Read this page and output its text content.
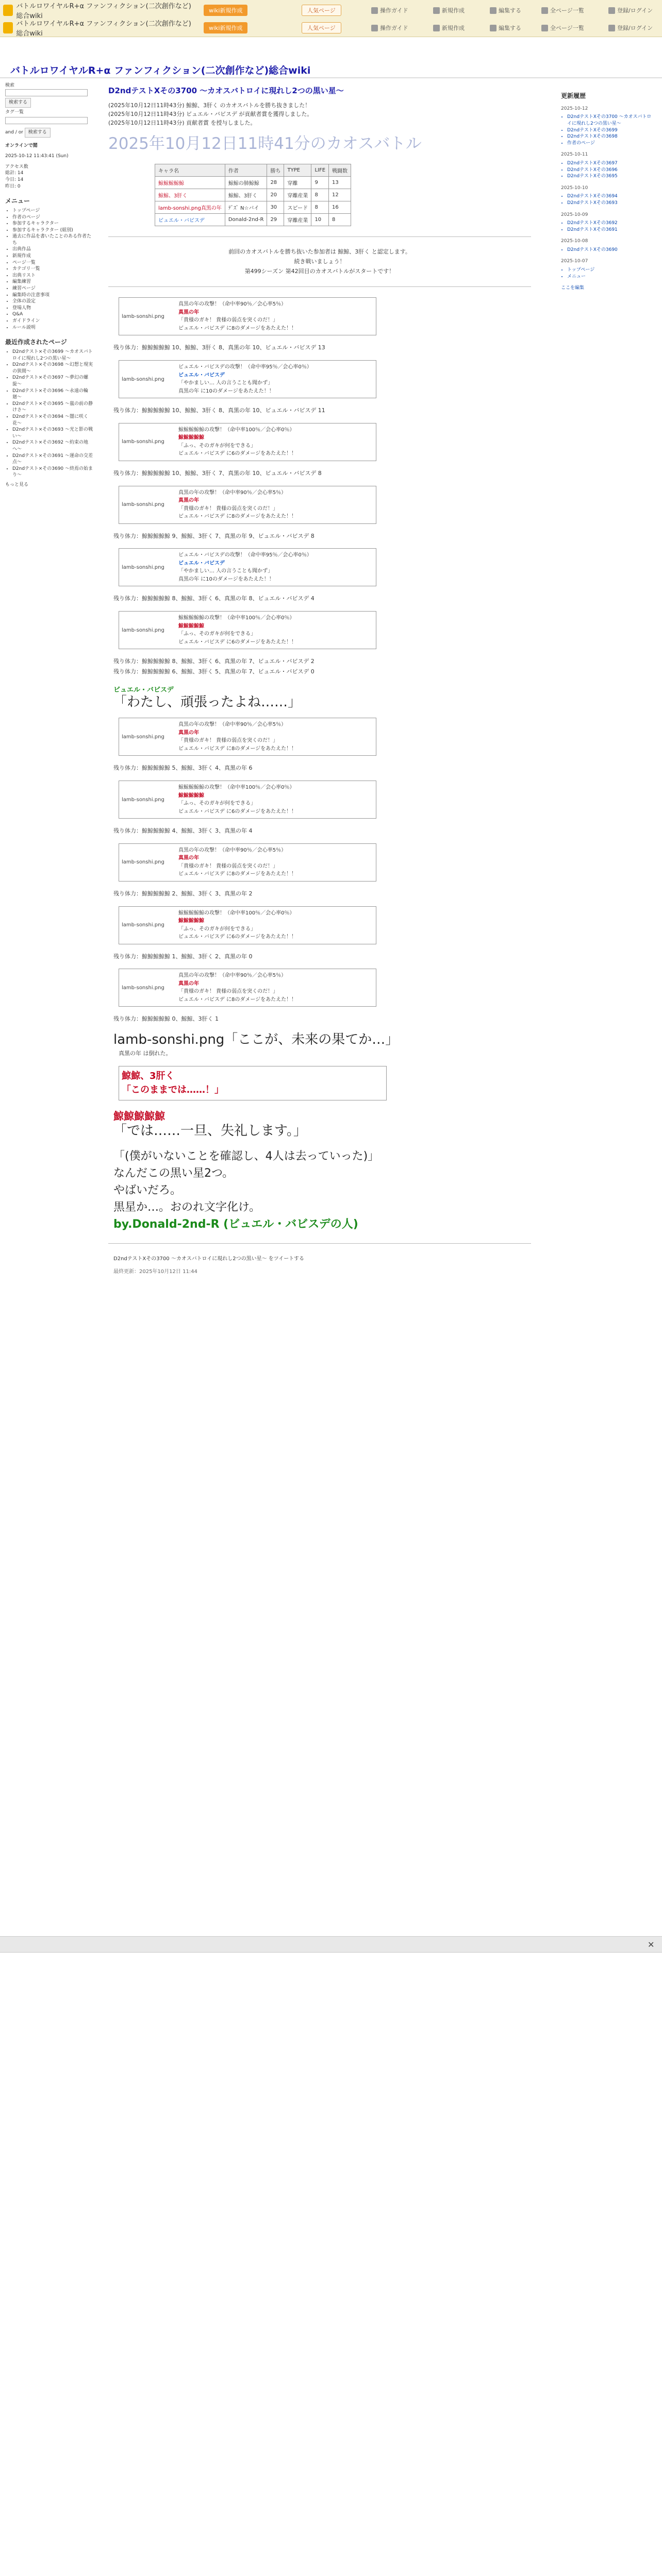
バトルロワイヤルR+α ファンフィクション(二次創作など)総合wiki
wiki新規作成	人気ページ	操作ガイド	新規作成	編集する	全ページ一覧	登録/ログイン
バトルロワイヤルR+α ファンフィクション(二次創作など)総合wiki
wiki新規作成	人気ページ	操作ガイド	新規作成	編集する	全ページ一覧	登録/ログイン
バトルロワイヤルR+α ファンフィクション(二次創作など)総合wiki
検索
検索する
タグ一覧
and / or 検索する
オンラインで閲
2025-10-12 11:43:41 (Sun)
アクセス数
総計: 14
今日: 14
昨日: 0
メニュー
• トップページ
• 作者のページ
• 参加するキャラクター
• 参加するキャラクター (組別)
• 過去に作品を書いたことのある作者たち
• 出典作品
• 新規作成
• ページ一覧
• カテゴリ一覧
• 出典リスト
• 編集練習
• 練習ページ
• 編集時の注意事項
• 全体の設定
• 登場人物
• Q&A
• ガイドライン
• ルール説明
最近作成されたページ
• D2ndテスト×その3699 〜カオスバトロイに現れし2つの黒い星〜
• D2ndテスト×その3698 〜幻想と現実の狭間〜
• D2ndテスト×その3697 〜夢幻の螺旋〜
• D2ndテスト×その3696 〜永遠の輪廻〜
• D2ndテスト×その3695 〜嵐の前の静けさ〜
• D2ndテスト×その3694 〜闇に咲く花〜
• D2ndテスト×その3693 〜光と影の戦い〜
• D2ndテスト×その3692 〜約束の地へ〜
• D2ndテスト×その3691 〜運命の交差点〜
• D2ndテスト×その3690 〜終焉の始まり〜
もっと見る
D2ndテストXその3700 〜カオスバトロイに現れし2つの黒い星〜
(2025年10月12日11時43分) 鯨鯨、3肝く のカオスバトルを勝ち抜きました！
(2025年10月12日11時43分) ビュエル・バビスデ が貢献者賞を獲得しました。
(2025年10月12日11時43分) 貢献者賞 を授与しました。
2025年10月12日11時41分のカオスバトル
キャラ名	作者	勝ち	TYPE	LIFE	戦闘数
鯨鯨鯨鯨鯨	鯨鯨の肺鯨鯨	28	穿離	9	13
鯨鯨、3肝く	鯨鯨、3肝く	20	穿離産業	8	12
lamb-sonshi.png真黒の年	ﾃﾞｽﾞ N☆バイ	30	スピード	8	16
ビュエル・バビスデ	Donald-2nd-R	29	穿離産業	10	8
前回のカオスバトルを勝ち抜いた参加者は 鯨鯨、3肝く と認定します。
続き戦いましょう！
第499シーズン 第42回目のカオスバトルがスタートです！
lamb-sonshi.png
真黒の年の攻撃！（命中率90％／会心率5％）
真黒の年
「貴様のガキ！ 貴様の弱点を突くのだ！」
ビュエル・バビスデ に8のダメージをあたえた！！
残り体力：鯨鯨鯨鯨鯨 10、鯨鯨、3肝く 8、真黒の年 10、ビュエル・バビスデ 13
lamb-sonshi.png
ビュエル・バビスデの攻撃！（命中率95％／会心率0％）
ビュエル・バビスデ
「やかましい… 人の言うことも聞かず」
真黒の年 に10のダメージをあたえた！！
残り体力：鯨鯨鯨鯨鯨 10、鯨鯨、3肝く 8、真黒の年 10、ビュエル・バビスデ 11
lamb-sonshi.png
鯨鯨鯨鯨鯨の攻撃！（命中率100％／会心率0％）
鯨鯨鯨鯨鯨
「ふっ、そのガキが何をできる」
ビュエル・バビスデ に6のダメージをあたえた！！
残り体力：鯨鯨鯨鯨鯨 10、鯨鯨、3肝く 7、真黒の年 10、ビュエル・バビスデ 8
lamb-sonshi.png
真黒の年の攻撃！（命中率90％／会心率5％）
真黒の年
「貴様のガキ！ 貴様の弱点を突くのだ！」
ビュエル・バビスデ に8のダメージをあたえた！！
残り体力：鯨鯨鯨鯨鯨 9、鯨鯨、3肝く 7、真黒の年 9、ビュエル・バビスデ 8
lamb-sonshi.png
ビュエル・バビスデの攻撃！（命中率95％／会心率0％）
ビュエル・バビスデ
「やかましい… 人の言うことも聞かず」
真黒の年 に10のダメージをあたえた！！
残り体力：鯨鯨鯨鯨鯨 8、鯨鯨、3肝く 6、真黒の年 8、ビュエル・バビスデ 4
lamb-sonshi.png
鯨鯨鯨鯨鯨の攻撃！（命中率100％／会心率0％）
鯨鯨鯨鯨鯨
「ふっ、そのガキが何をできる」
ビュエル・バビスデ に6のダメージをあたえた！！
残り体力：鯨鯨鯨鯨鯨 8、鯨鯨、3肝く 6、真黒の年 7、ビュエル・バビスデ 2
残り体力：鯨鯨鯨鯨鯨 6、鯨鯨、3肝く 5、真黒の年 7、ビュエル・バビスデ 0
ビュエル・バビスデ
「わたし、頑張ったよね……」
lamb-sonshi.png
真黒の年の攻撃！（命中率90％／会心率5％）
真黒の年
「貴様のガキ！ 貴様の弱点を突くのだ！」
ビュエル・バビスデ に8のダメージをあたえた！！
残り体力：鯨鯨鯨鯨鯨 5、鯨鯨、3肝く 4、真黒の年 6
lamb-sonshi.png
鯨鯨鯨鯨鯨の攻撃！（命中率100％／会心率0％）
鯨鯨鯨鯨鯨
「ふっ、そのガキが何をできる」
ビュエル・バビスデ に6のダメージをあたえた！！
残り体力：鯨鯨鯨鯨鯨 4、鯨鯨、3肝く 3、真黒の年 4
lamb-sonshi.png
真黒の年の攻撃！（命中率90％／会心率5％）
真黒の年
「貴様のガキ！ 貴様の弱点を突くのだ！」
ビュエル・バビスデ に8のダメージをあたえた！！
残り体力：鯨鯨鯨鯨鯨 2、鯨鯨、3肝く 3、真黒の年 2
lamb-sonshi.png
鯨鯨鯨鯨鯨の攻撃！（命中率100％／会心率0％）
鯨鯨鯨鯨鯨
「ふっ、そのガキが何をできる」
ビュエル・バビスデ に6のダメージをあたえた！！
残り体力：鯨鯨鯨鯨鯨 1、鯨鯨、3肝く 2、真黒の年 0
lamb-sonshi.png
真黒の年の攻撃！（命中率90％／会心率5％）
真黒の年
「貴様のガキ！ 貴様の弱点を突くのだ！」
ビュエル・バビスデ に8のダメージをあたえた！！
残り体力：鯨鯨鯨鯨鯨 0、鯨鯨、3肝く 1
lamb-sonshi.png「ここが、未来の果てか…」
真黒の年 は倒れた。
鯨鯨、3肝く
「このままでは……！」
鯨鯨鯨鯨鯨
「では……一旦、失礼します。」
「(僕がいないことを確認し、4人は去っていった)」
なんだこの黒い星2つ。
やばいだろ。
黒星か…。おのれ文字化け。
by.Donald-2nd-R (ビュエル・バビスデの人)
D2ndテストXその3700 〜カオスバトロイに現れし2つの黒い星〜 をツイートする
最終更新：2025年10月12日 11:44
更新履歴
2025-10-12
• D2ndテストXその3700 〜カオスバトロイに現れし2つの黒い星〜
• D2ndテストXその3699
• D2ndテストXその3698
• 作者のページ
2025-10-11
• D2ndテストXその3697
• D2ndテストXその3696
• D2ndテストXその3695
2025-10-10
• D2ndテストXその3694
• D2ndテストXその3693
2025-10-09
• D2ndテストXその3692
• D2ndテストXその3691
2025-10-08
• D2ndテストXその3690
2025-10-07
• トップページ
• メニュー
ここを編集
✕
